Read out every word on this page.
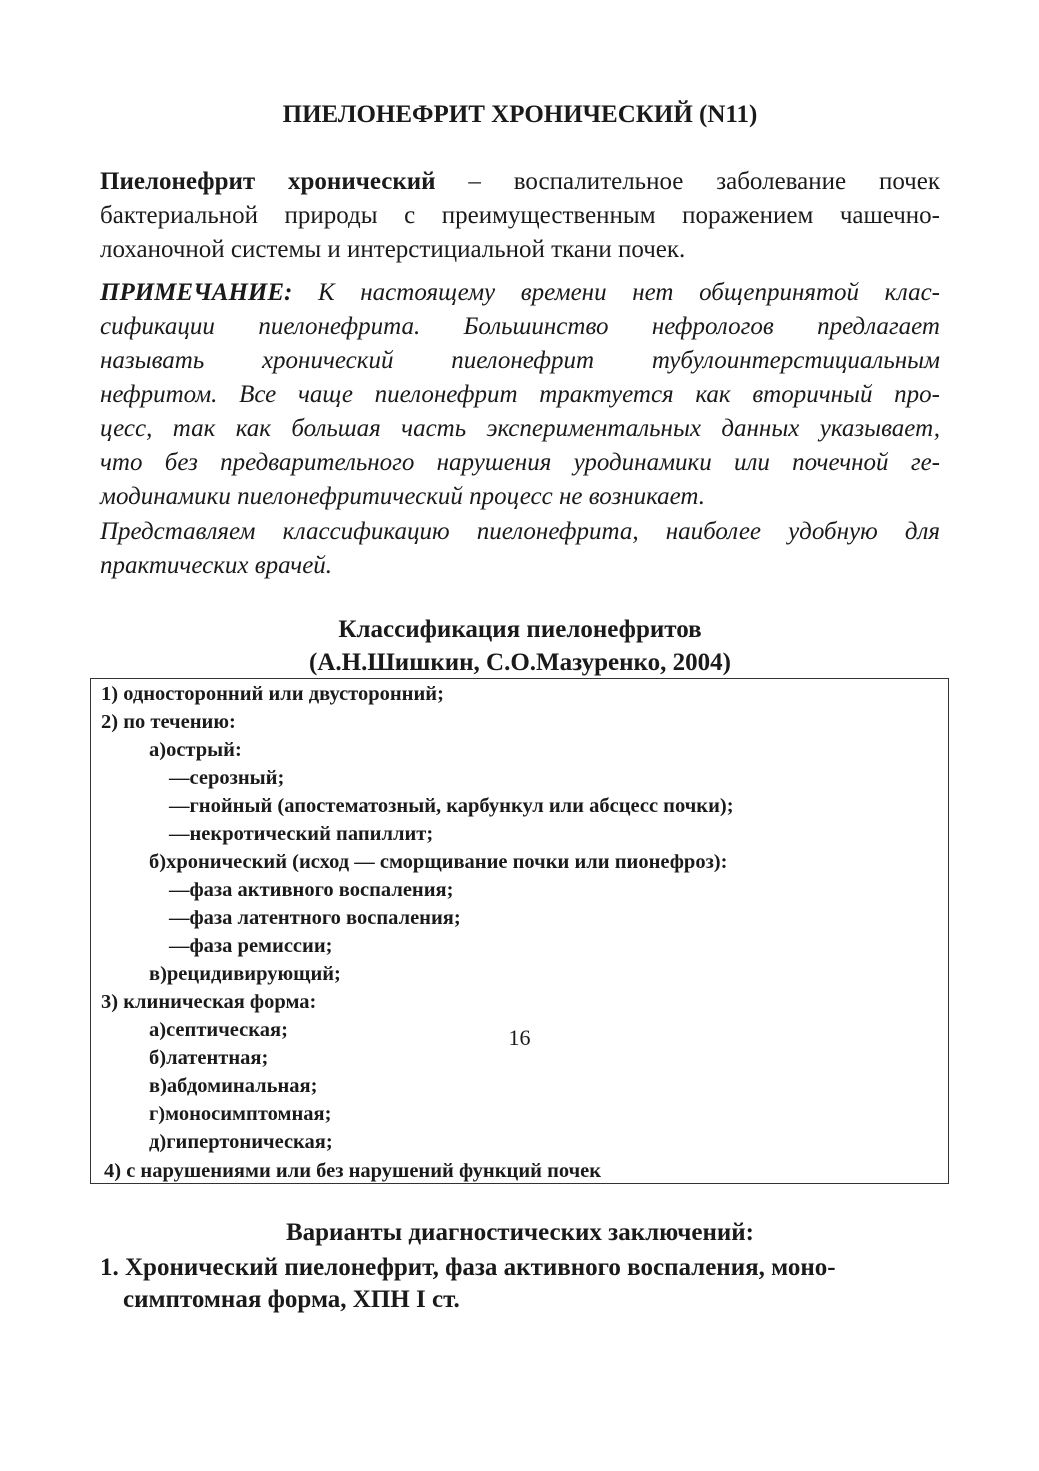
ПИЕЛОНЕФРИТ ХРОНИЧЕСКИЙ (N11)
Пиелонефрит хронический – воспалительное заболевание почек
бактериальной природы с преимущественным поражением чашечно-
лоханочной системы и интерстициальной ткани почек.
ПРИМЕЧАНИЕ: К настоящему времени нет общепринятой клас-
сификации пиелонефрита. Большинство нефрологов предлагает
называть хронический пиелонефрит тубулоинтерстициальным
нефритом. Все чаще пиелонефрит трактуется как вторичный про-
цесс, так как большая часть экспериментальных данных указывает,
что без предварительного нарушения уродинамики или почечной ге-
модинамики пиелонефритический процесс не возникает.
Представляем классификацию пиелонефрита, наиболее удобную для
практических врачей.
Классификация пиелонефритов
(А.Н.Шишкин, С.О.Мазуренко, 2004)
1) односторонний или двусторонний;
2) по течению:
а)острый:
—серозный;
—гнойный (апостематозный, карбункул или абсцесс почки);
—некротический папиллит;
б)хронический (исход — сморщивание почки или пионефроз):
—фаза активного воспаления;
—фаза латентного воспаления;
—фаза ремиссии;
в)рецидивирующий;
3) клиническая форма:
а)септическая;
б)латентная;
в)абдоминальная;
г)моносимптомная;
д)гипертоническая;
4) с нарушениями или без нарушений функций почек
Варианты диагностических заключений:
1. Хронический пиелонефрит, фаза активного воспаления, моно-
симптомная форма, ХПН I ст.
16
